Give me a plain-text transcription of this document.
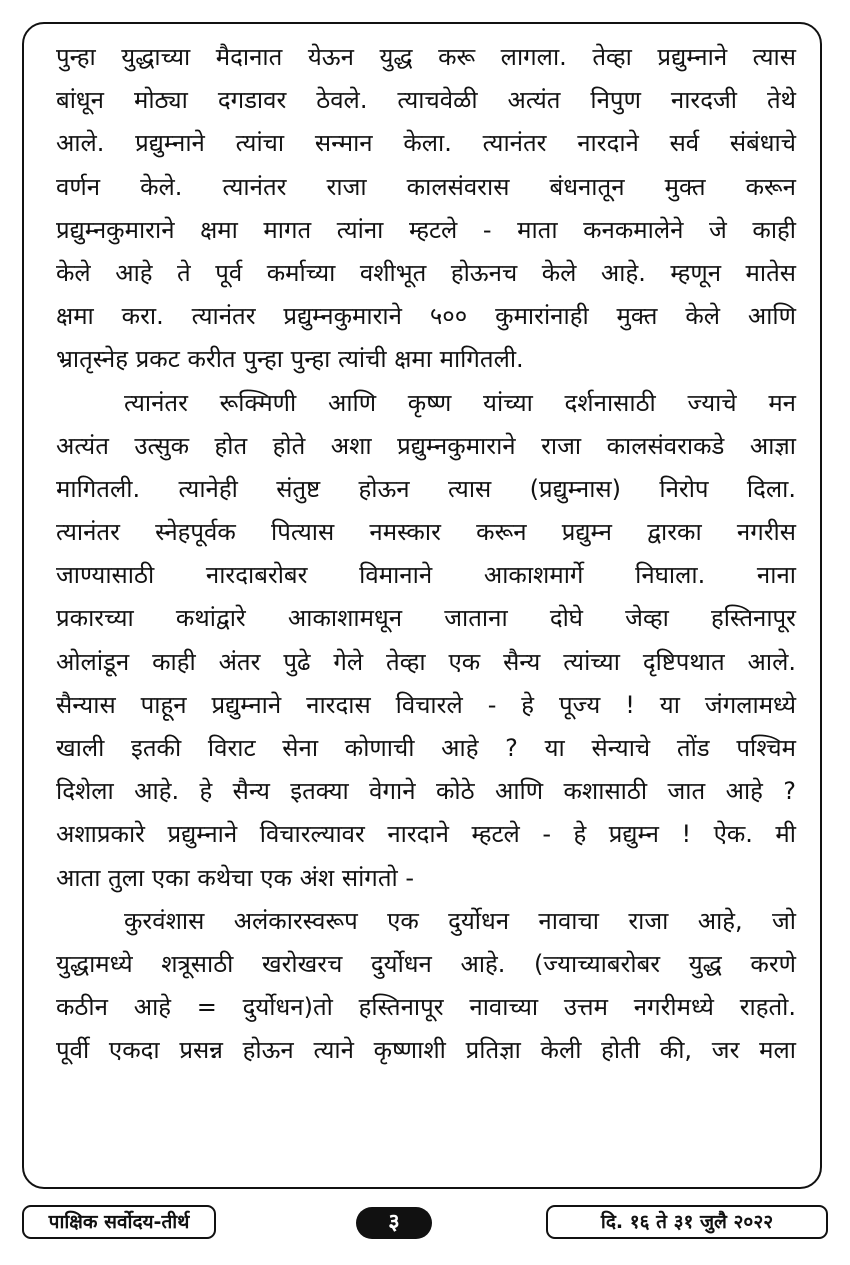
पुन्हा युद्धाच्या मैदानात येऊन युद्ध करू लागला. तेव्हा प्रद्युम्नाने त्यास
बांधून मोठ्या दगडावर ठेवले. त्याचवेळी अत्यंत निपुण नारदजी तेथे
आले. प्रद्युम्नाने त्यांचा सन्मान केला. त्यानंतर नारदाने सर्व संबंधाचे
वर्णन केले. त्यानंतर राजा कालसंवरास बंधनातून मुक्त करून
प्रद्युम्नकुमाराने क्षमा मागत त्यांना म्हटले - माता कनकमालेने जे काही
केले आहे ते पूर्व कर्माच्या वशीभूत होऊनच केले आहे. म्हणून मातेस
क्षमा करा. त्यानंतर प्रद्युम्नकुमाराने ५०० कुमारांनाही मुक्त केले आणि
भ्रातृस्नेह प्रकट करीत पुन्हा पुन्हा त्यांची क्षमा मागितली.
त्यानंतर रूक्मिणी आणि कृष्ण यांच्या दर्शनासाठी ज्याचे मन
अत्यंत उत्सुक होत होते अशा प्रद्युम्नकुमाराने राजा कालसंवराकडे आज्ञा
मागितली. त्यानेही संतुष्ट होऊन त्यास (प्रद्युम्नास) निरोप दिला.
त्यानंतर स्नेहपूर्वक पित्यास नमस्कार करून प्रद्युम्न द्वारका नगरीस
जाण्यासाठी नारदाबरोबर विमानाने आकाशमार्गे निघाला. नाना
प्रकारच्या कथांद्वारे आकाशामधून जाताना दोघे जेव्हा हस्तिनापूर
ओलांडून काही अंतर पुढे गेले तेव्हा एक सैन्य त्यांच्या दृष्टिपथात आले.
सैन्यास पाहून प्रद्युम्नाने नारदास विचारले - हे पूज्य ! या जंगलामध्ये
खाली इतकी विराट सेना कोणाची आहे ? या सेन्याचे तोंड पश्चिम
दिशेला आहे. हे सैन्य इतक्या वेगाने कोठे आणि कशासाठी जात आहे ?
अशाप्रकारे प्रद्युम्नाने विचारल्यावर नारदाने म्हटले - हे प्रद्युम्न ! ऐक. मी
आता तुला एका कथेचा एक अंश सांगतो -
कुरवंशास अलंकारस्वरूप एक दुर्योधन नावाचा राजा आहे, जो
युद्धामध्ये शत्रूसाठी खरोखरच दुर्योधन आहे. (ज्याच्याबरोबर युद्ध करणे
कठीन आहे = दुर्योधन)तो हस्तिनापूर नावाच्या उत्तम नगरीमध्ये राहतो.
पूर्वी एकदा प्रसन्न होऊन त्याने कृष्णाशी प्रतिज्ञा केली होती की, जर मला
पाक्षिक सर्वोदय-तीर्थ	३	दि. १६ ते ३१ जुलै २०२२
